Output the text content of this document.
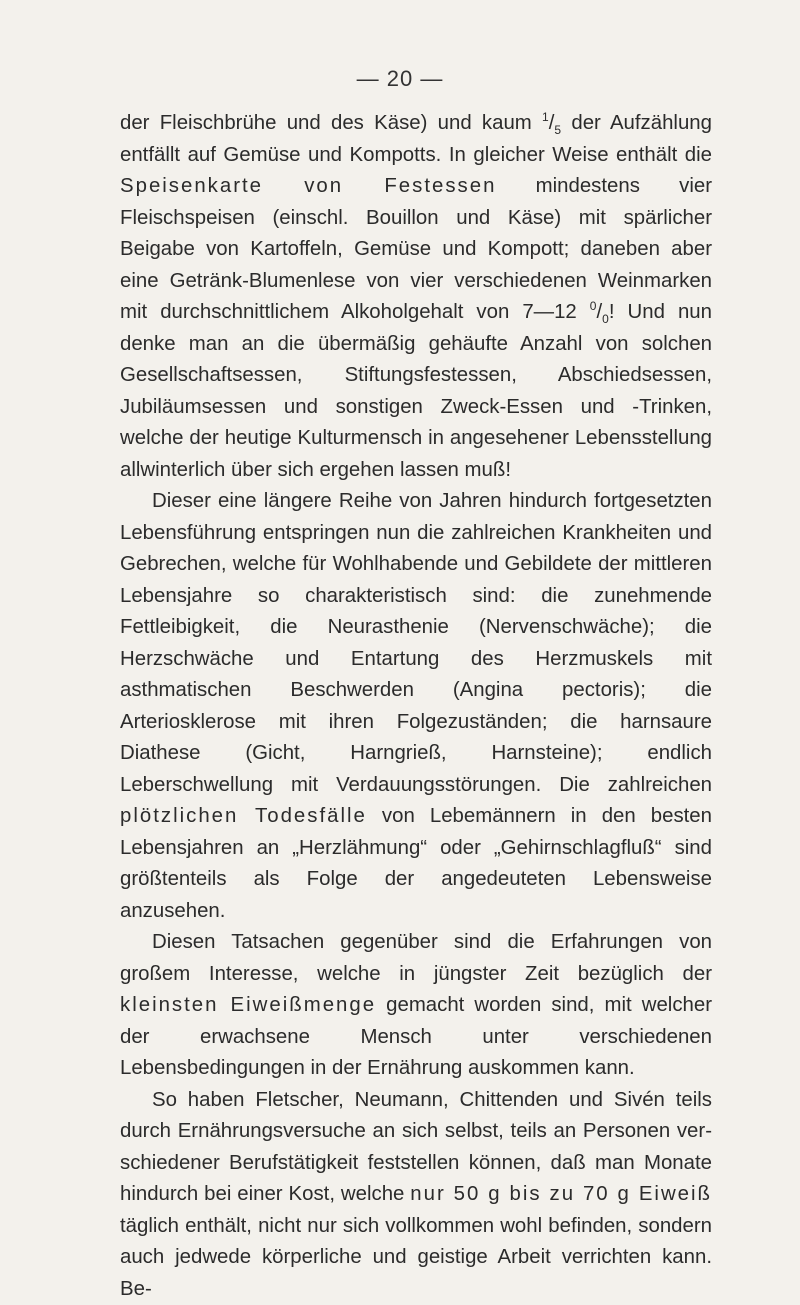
— 20 —

der Fleischbrühe und des Käse) und kaum $^1/_5$ der Aufzählung entfällt auf Gemüse und Kompotts. In gleicher Weise enthält die Speisenkarte von Festessen mindestens vier Fleischspeisen (einschl. Bouillon und Käse) mit spärlicher Beigabe von Kartoffeln, Gemüse und Kompott; daneben aber eine Getränk-Blumenlese von vier verschiedenen Weinmarken mit durchschnittlichem Alkoholgehalt von 7—12 $^0/_0$! Und nun denke man an die übermäßig gehäufte Anzahl von solchen Gesellschaftsessen, Stiftungsfestessen, Abschiedsessen, Jubiläumsessen und sonstigen Zweck-Essen und -Trinken, welche der heutige Kulturmensch in angesehener Lebensstellung allwinterlich über sich ergehen lassen muß!

Dieser eine längere Reihe von Jahren hindurch fortgesetzten Lebensführung entspringen nun die zahlreichen Krankheiten und Gebrechen, welche für Wohlhabende und Gebildete der mittleren Lebensjahre so charakteristisch sind: die zunehmende Fettleibigkeit, die Neurasthenie (Nervenschwäche); die Herzschwäche und Entartung des Herzmuskels mit asthmatischen Beschwerden (Angina pectoris); die Arteriosklerose mit ihren Folgezuständen; die harnsaure Diathese (Gicht, Harngrieß, Harnsteine); endlich Leberschwellung mit Verdauungsstörungen. Die zahlreichen plötzlichen Todesfälle von Lebemännern in den besten Lebensjahren an „Herzlähmung“ oder „Gehirnschlagfluß“ sind größtenteils als Folge der angedeuteten Lebensweise anzusehen.

Diesen Tatsachen gegenüber sind die Erfahrungen von großem Interesse, welche in jüngster Zeit bezüglich der kleinsten Eiweißmenge gemacht worden sind, mit welcher der erwachsene Mensch unter verschiedenen Lebensbedingungen in der Ernährung auskommen kann.

So haben Fletscher, Neumann, Chittenden und Sivén teils durch Ernährungsversuche an sich selbst, teils an Personen verschiedener Berufstätigkeit feststellen können, daß man Monate hindurch bei einer Kost, welche nur 50 g bis zu 70 g Eiweiß täglich enthält, nicht nur sich vollkommen wohl befinden, sondern auch jedwede körperliche und geistige Arbeit verrichten kann. Be-
